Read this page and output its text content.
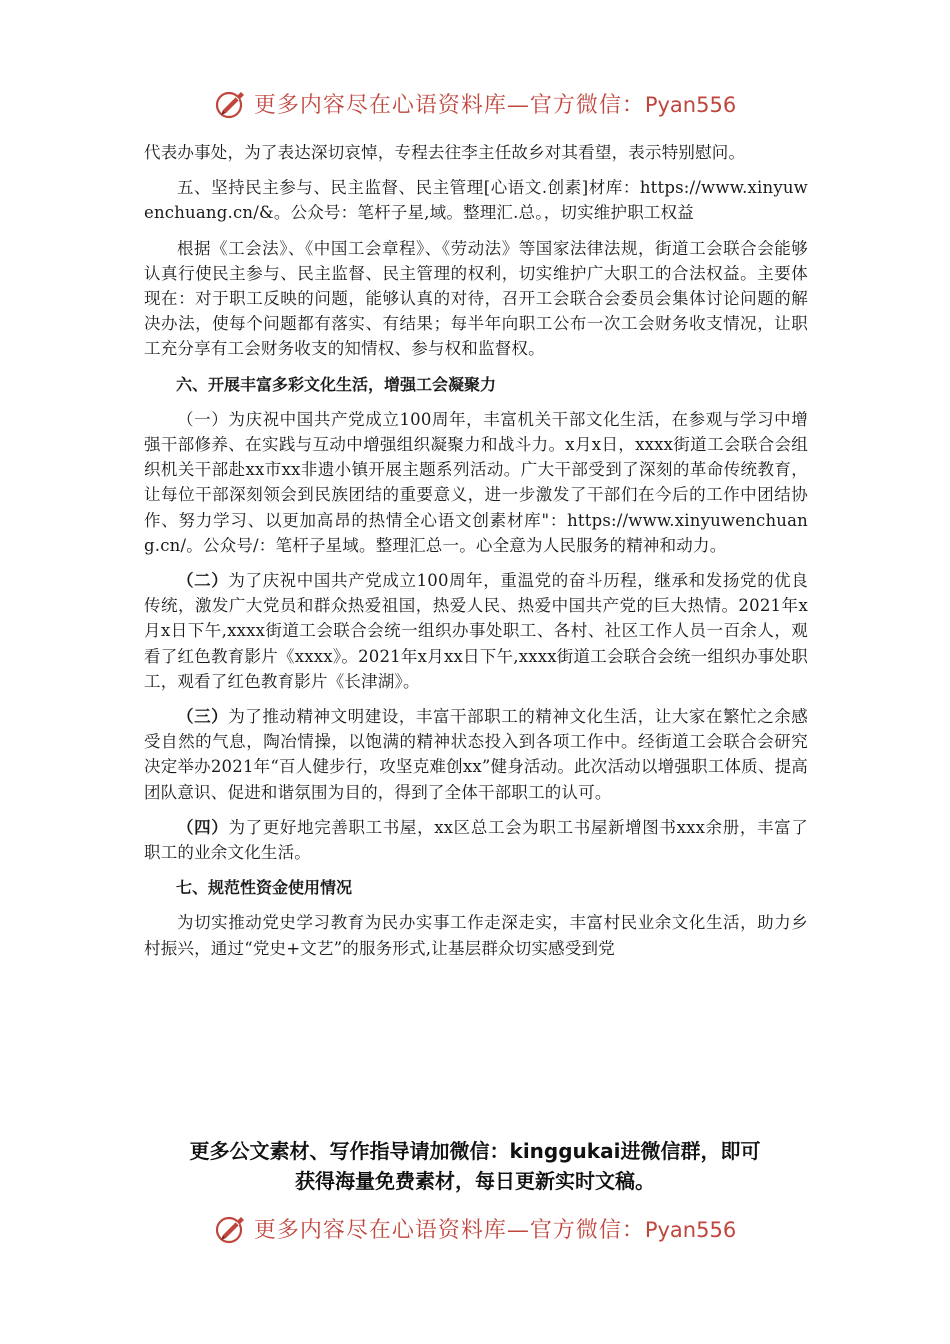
更多内容尽在心语资料库—官方微信：Pyan556

代表办事处，为了表达深切哀悼，专程去往李主任故乡对其看望，表示特别慰问。

五、坚持民主参与、民主监督、民主管理[心语文.创素]材库：https://www.xinyuwenchuang.cn/&。公众号：笔杆子星,域。整理汇.总。，切实维护职工权益

根据《工会法》、《中国工会章程》、《劳动法》等国家法律法规，街道工会联合会能够认真行使民主参与、民主监督、民主管理的权利，切实维护广大职工的合法权益。主要体现在：对于职工反映的问题，能够认真的对待，召开工会联合会委员会集体讨论问题的解决办法，使每个问题都有落实、有结果；每半年向职工公布一次工会财务收支情况，让职工充分享有工会财务收支的知情权、参与权和监督权。

六、开展丰富多彩文化生活，增强工会凝聚力

（一）为庆祝中国共产党成立100周年，丰富机关干部文化生活，在参观与学习中增强干部修养、在实践与互动中增强组织凝聚力和战斗力。x月x日，xxxx街道工会联合会组织机关干部赴xx市xx非遗小镇开展主题系列活动。广大干部受到了深刻的革命传统教育，让每位干部深刻领会到民族团结的重要意义，进一步激发了干部们在今后的工作中团结协作、努力学习、以更加高昂的热情全心语文创素材库"：https://www.xinyuwenchuang.cn/。公众号/：笔杆子星域。整理汇总一。心全意为人民服务的精神和动力。

（二）为了庆祝中国共产党成立100周年，重温党的奋斗历程，继承和发扬党的优良传统，激发广大党员和群众热爱祖国，热爱人民、热爱中国共产党的巨大热情。2021年x月x日下午,xxxx街道工会联合会统一组织办事处职工、各村、社区工作人员一百余人，观看了红色教育影片《xxxx》。2021年x月xx日下午,xxxx街道工会联合会统一组织办事处职工，观看了红色教育影片《长津湖》。

（三）为了推动精神文明建设，丰富干部职工的精神文化生活，让大家在繁忙之余感受自然的气息，陶冶情操，以饱满的精神状态投入到各项工作中。经街道工会联合会研究决定举办2021年“百人健步行，攻坚克难创xx”健身活动。此次活动以增强职工体质、提高团队意识、促进和谐氛围为目的，得到了全体干部职工的认可。

（四）为了更好地完善职工书屋，xx区总工会为职工书屋新增图书xxx余册，丰富了职工的业余文化生活。

七、规范性资金使用情况

为切实推动党史学习教育为民办实事工作走深走实，丰富村民业余文化生活，助力乡村振兴，通过“党史+文艺”的服务形式,让基层群众切实感受到党

更多公文素材、写作指导请加微信：kinggukai进微信群，即可
获得海量免费素材，每日更新实时文稿。
更多内容尽在心语资料库—官方微信：Pyan556
